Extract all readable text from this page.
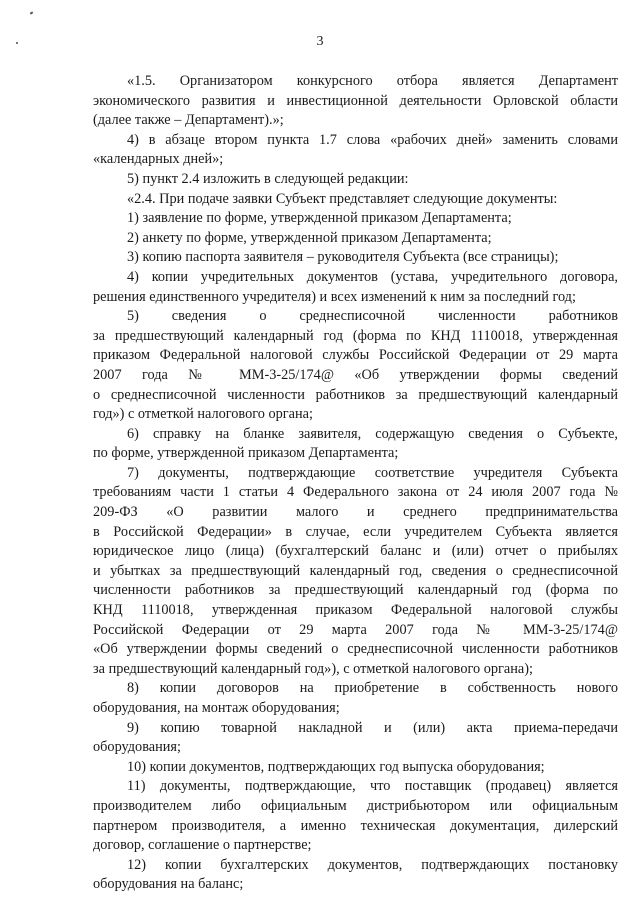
3
«1.5. Организатором конкурсного отбора является Департамент
экономического развития и инвестиционной деятельности Орловской области
(далее также – Департамент).»;
4) в абзаце втором пункта 1.7 слова «рабочих дней» заменить словами
«календарных дней»;
5) пункт 2.4 изложить в следующей редакции:
«2.4. При подаче заявки Субъект представляет следующие документы:
1) заявление по форме, утвержденной приказом Департамента;
2) анкету по форме, утвержденной приказом Департамента;
3) копию паспорта заявителя – руководителя Субъекта (все страницы);
4) копии учредительных документов (устава, учредительного договора,
решения единственного учредителя) и всех изменений к ним за последний год;
5) сведения о среднесписочной численности работников
за предшествующий календарный год (форма по КНД 1110018, утвержденная
приказом Федеральной налоговой службы Российской Федерации от 29 марта
2007 года № ММ-3-25/174@ «Об утверждении формы сведений
о среднесписочной численности работников за предшествующий календарный
год») с отметкой налогового органа;
6) справку на бланке заявителя, содержащую сведения о Субъекте,
по форме, утвержденной приказом Департамента;
7) документы, подтверждающие соответствие учредителя Субъекта
требованиям части 1 статьи 4 Федерального закона от 24 июля 2007 года №
209-ФЗ «О развитии малого и среднего предпринимательства
в Российской Федерации» в случае, если учредителем Субъекта является
юридическое лицо (лица) (бухгалтерский баланс и (или) отчет о прибылях
и убытках за предшествующий календарный год, сведения о среднесписочной
численности работников за предшествующий календарный год (форма по
КНД 1110018, утвержденная приказом Федеральной налоговой службы
Российской Федерации от 29 марта 2007 года № ММ-3-25/174@
«Об утверждении формы сведений о среднесписочной численности работников
за предшествующий календарный год»), с отметкой налогового органа);
8) копии договоров на приобретение в собственность нового
оборудования, на монтаж оборудования;
9) копию товарной накладной и (или) акта приема-передачи
оборудования;
10) копии документов, подтверждающих год выпуска оборудования;
11) документы, подтверждающие, что поставщик (продавец) является
производителем либо официальным дистрибьютором или официальным
партнером производителя, а именно техническая документация, дилерский
договор, соглашение о партнерстве;
12) копии бухгалтерских документов, подтверждающих постановку
оборудования на баланс;
